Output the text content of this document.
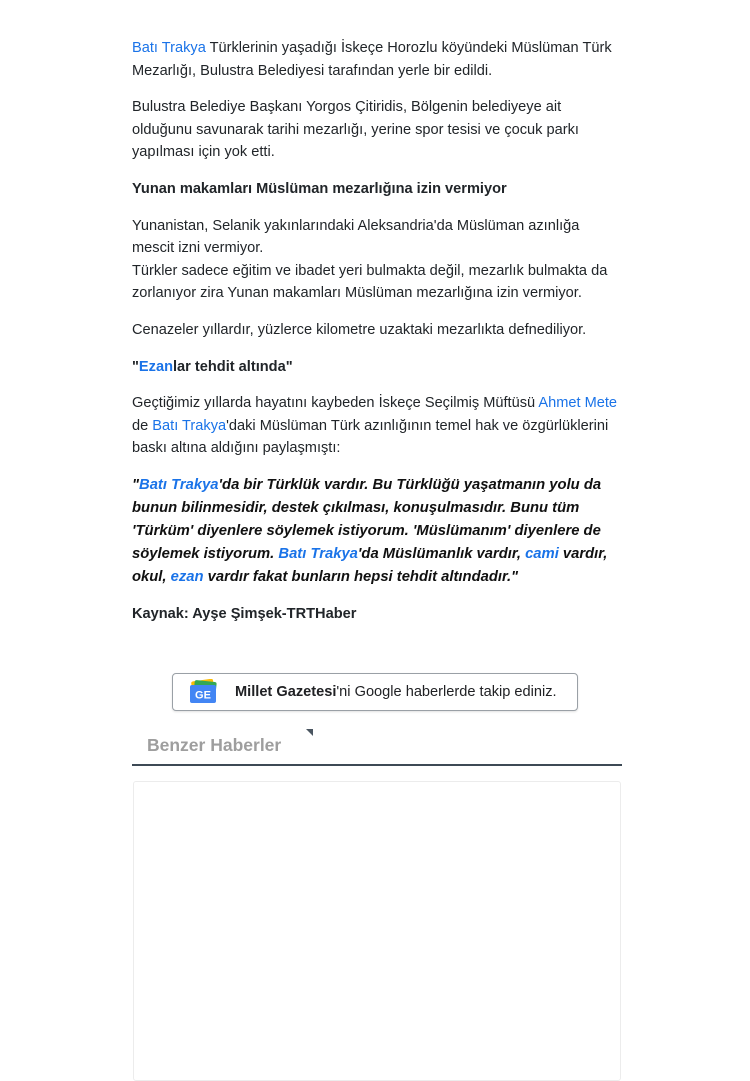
Batı Trakya Türklerinin yaşadığı İskeçe Horozlu köyündeki Müslüman Türk Mezarlığı, Bulustra Belediyesi tarafından yerle bir edildi.

Bulustra Belediye Başkanı Yorgos Çitiridis, Bölgenin belediyeye ait olduğunu savunarak tarihi mezarlığı, yerine spor tesisi ve çocuk parkı yapılması için yok etti.

Yunan makamları Müslüman mezarlığına izin vermiyor

Yunanistan, Selanik yakınlarındaki Aleksandria'da Müslüman azınlığa mescit izni vermiyor.
Türkler sadece eğitim ve ibadet yeri bulmakta değil, mezarlık bulmakta da zorlanıyor zira Yunan makamları Müslüman mezarlığına izin vermiyor.

Cenazeler yıllardır, yüzlerce kilometre uzaktaki mezarlıkta defnediliyor.

"Ezanlar tehdit altında"

Geçtiğimiz yıllarda hayatını kaybeden İskeçe Seçilmiş Müftüsü Ahmet Mete de Batı Trakya'daki Müslüman Türk azınlığının temel hak ve özgürlüklerini baskı altına aldığını paylaşmıştı:

"Batı Trakya'da bir Türklük vardır. Bu Türklüğü yaşatmanın yolu da bunun bilinmesidir, destek çıkılması, konuşulmasıdır. Bunu tüm 'Türküm' diyenlere söylemek istiyorum. 'Müslümanım' diyenlere de söylemek istiyorum. Batı Trakya'da Müslümanlık vardır, cami vardır, okul, ezan vardır fakat bunların hepsi tehdit altındadır."

Kaynak: Ayşe Şimşek-TRTHaber

GE Millet Gazetesi'ni Google haberlerde takip ediniz.
Benzer Haberler
